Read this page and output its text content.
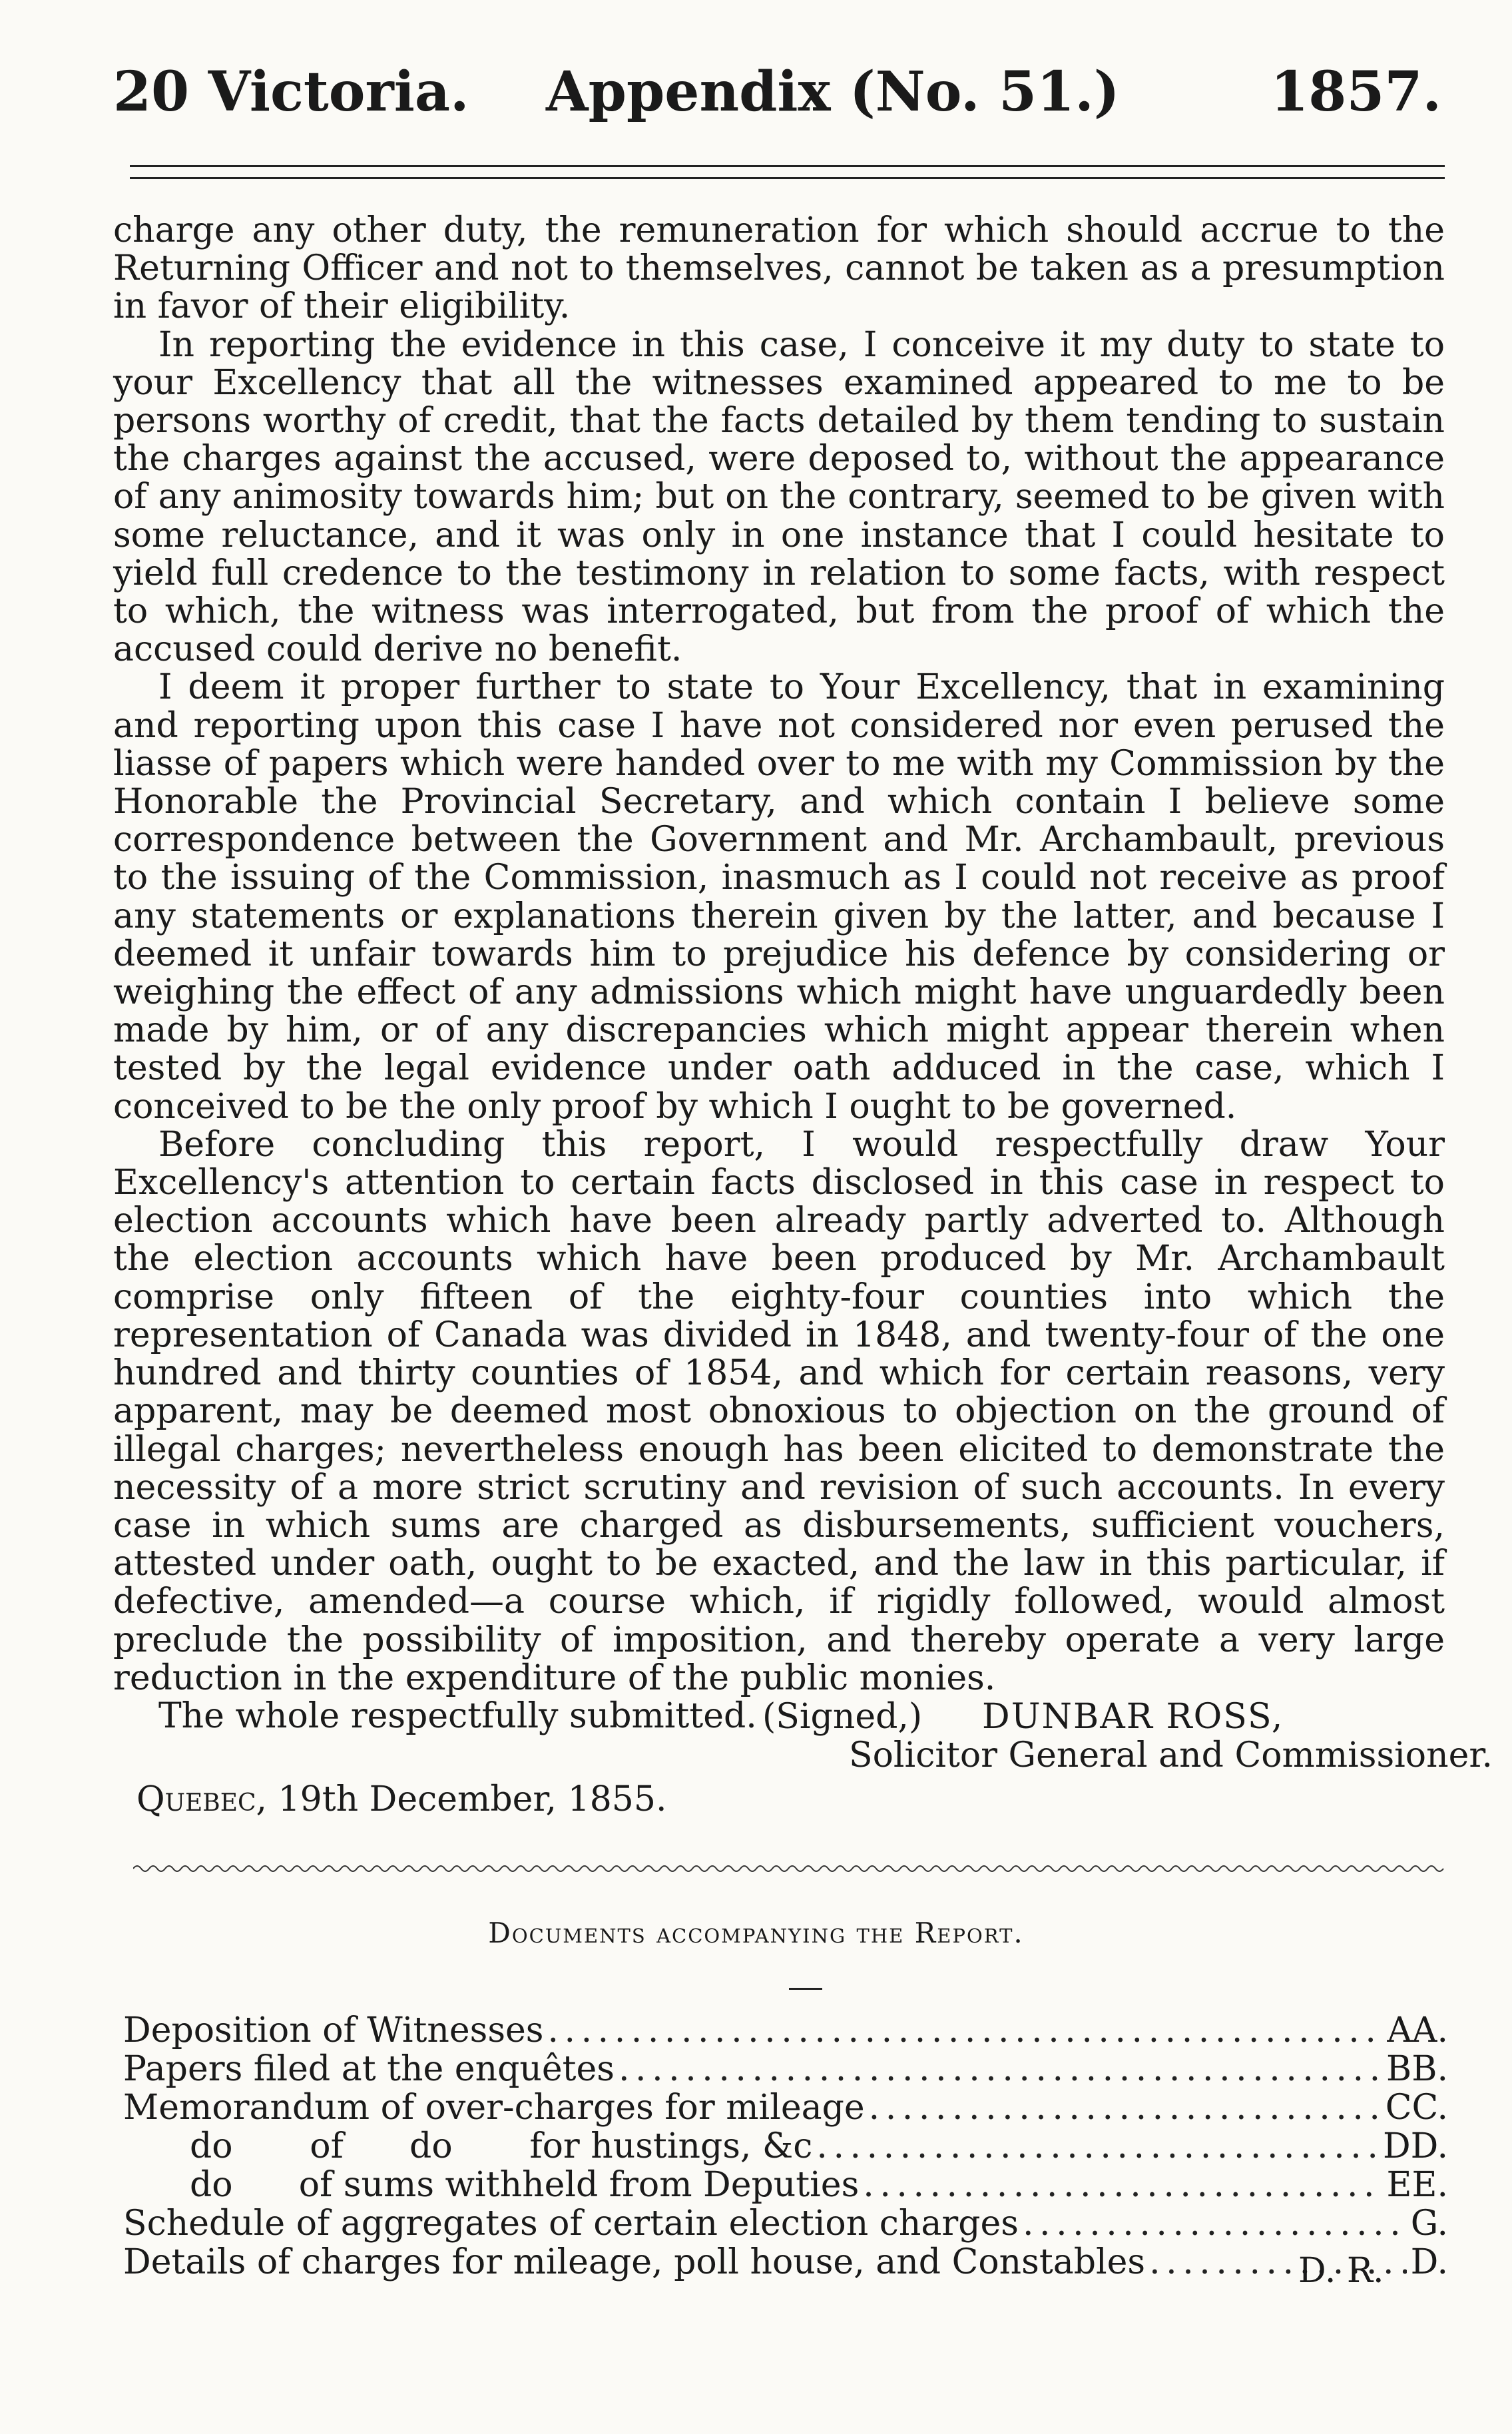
20 Victoria. Appendix (No. 51.)	1857.

charge any other duty, the remuneration for which should accrue to the Returning Officer and not to themselves, cannot be taken as a presumption in favor of their eligibility.

In reporting the evidence in this case, I conceive it my duty to state to your Excellency that all the witnesses examined appeared to me to be persons worthy of credit, that the facts detailed by them tending to sustain the charges against the accused, were deposed to, without the appearance of any animosity towards him; but on the contrary, seemed to be given with some reluctance, and it was only in one instance that I could hesitate to yield full credence to the testimony in relation to some facts, with respect to which, the witness was interrogated, but from the proof of which the accused could derive no benefit.

I deem it proper further to state to Your Excellency, that in examining and reporting upon this case I have not considered nor even perused the liasse of papers which were handed over to me with my Commission by the Honorable the Provincial Secretary, and which contain I believe some correspondence between the Government and Mr. Archambault, previous to the issuing of the Commission, inasmuch as I could not receive as proof any statements or explanations therein given by the latter, and because I deemed it unfair towards him to prejudice his defence by considering or weighing the effect of any admissions which might have unguardedly been made by him, or of any discrepancies which might appear therein when tested by the legal evidence under oath adduced in the case, which I conceived to be the only proof by which I ought to be governed.

Before concluding this report, I would respectfully draw Your Excellency's attention to certain facts disclosed in this case in respect to election accounts which have been already partly adverted to. Although the election accounts which have been produced by Mr. Archambault comprise only fifteen of the eighty-four counties into which the representation of Canada was divided in 1848, and twenty-four of the one hundred and thirty counties of 1854, and which for certain reasons, very apparent, may be deemed most obnoxious to objection on the ground of illegal charges; nevertheless enough has been elicited to demonstrate the necessity of a more strict scrutiny and revision of such accounts. In every case in which sums are charged as disbursements, sufficient vouchers, attested under oath, ought to be exacted, and the law in this particular, if defective, amended—a course which, if rigidly followed, would almost preclude the possibility of imposition, and thereby operate a very large reduction in the expenditure of the public monies.

The whole respectfully submitted. (Signed,) DUNBAR ROSS,
Solicitor General and Commissioner.
Quebec, 19th December, 1855.
Documents accompanying the Report.
Deposition of Witnesses . . .	AA.
Papers filed at the enquêtes . . .	BB.
Memorandum of over-charges for mileage . . .	CC.
do       of      do       for hustings, &c . . .	DD.
do      of sums withheld from Deputies . . .	EE.
Schedule of aggregates of certain election charges . . .	G.
Details of charges for mileage, poll house, and Constables . . .	D.
D. R.
